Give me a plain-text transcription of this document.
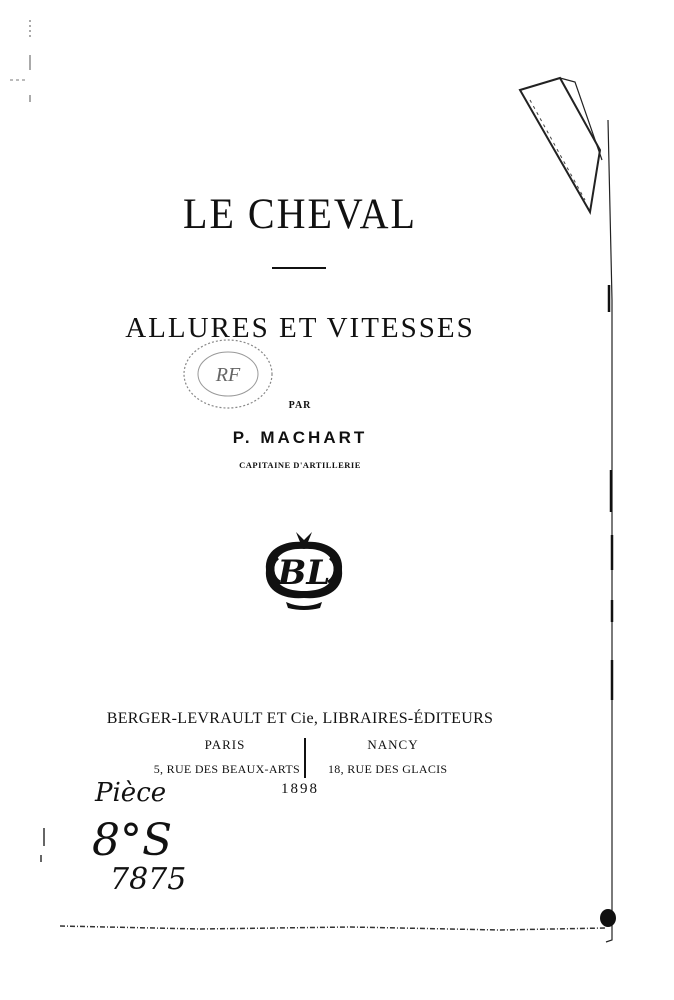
LE CHEVAL
ALLURES ET VITESSES
RF
PAR
P. MACHART
CAPITAINE D'ARTILLERIE
BL
BERGER-LEVRAULT ET Cie, LIBRAIRES-ÉDITEURS
PARIS	NANCY
5, RUE DES BEAUX-ARTS 18, RUE DES GLACIS
1898
Pièce
8°S
7875
